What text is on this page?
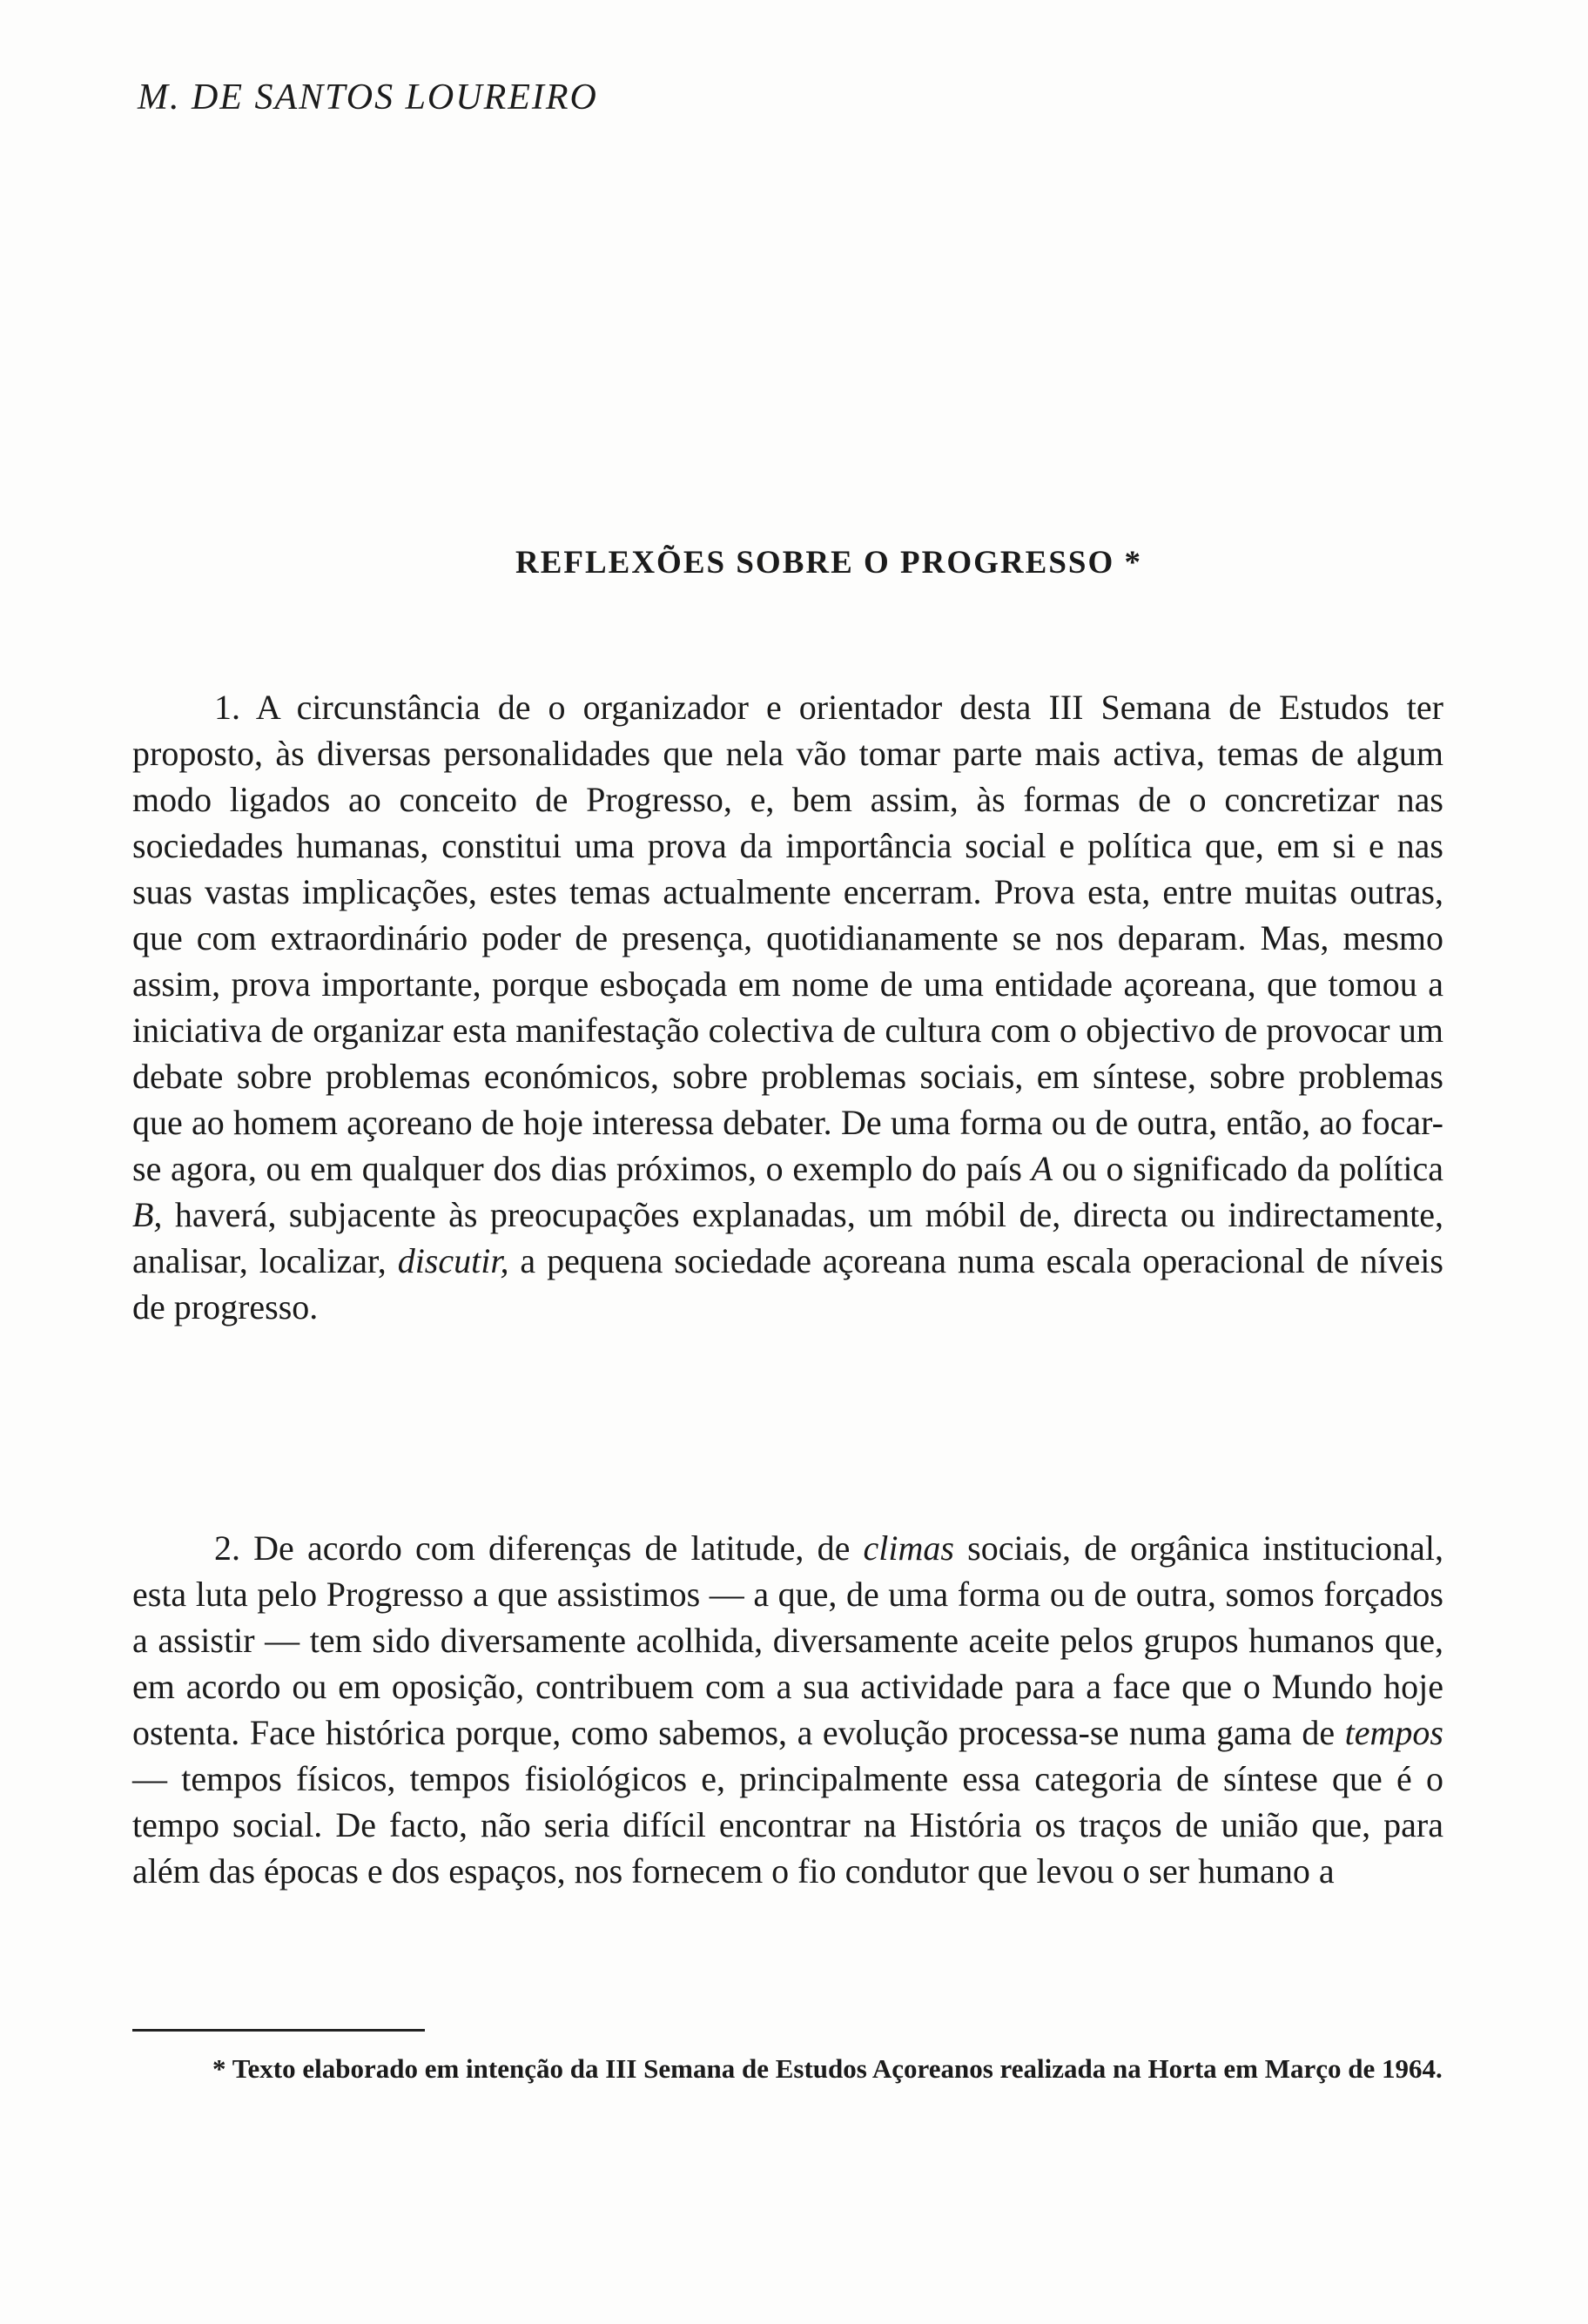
M. DE SANTOS LOUREIRO
REFLEXÕES SOBRE O PROGRESSO *

1. A circunstância de o organizador e orientador desta III Semana de Estudos ter proposto, às diversas personalidades que nela vão tomar parte mais activa, temas de algum modo ligados ao conceito de Progresso, e, bem assim, às formas de o concretizar nas sociedades humanas, constitui uma prova da importância social e política que, em si e nas suas vastas implicações, estes temas actualmente encerram. Prova esta, entre muitas outras, que com extraordinário poder de presença, quotidianamente se nos deparam. Mas, mesmo assim, prova importante, porque esboçada em nome de uma entidade açoreana, que tomou a iniciativa de organizar esta manifestação colectiva de cultura com o objectivo de provocar um debate sobre problemas económicos, sobre problemas sociais, em síntese, sobre problemas que ao homem açoreano de hoje interessa debater. De uma forma ou de outra, então, ao focar-se agora, ou em qualquer dos dias próximos, o exemplo do país A ou o significado da política B, haverá, subjacente às preocupações explanadas, um móbil de, directa ou indirectamente, analisar, localizar, discutir, a pequena sociedade açoreana numa escala operacional de níveis de progresso.

2. De acordo com diferenças de latitude, de climas sociais, de orgânica institucional, esta luta pelo Progresso a que assistimos — a que, de uma forma ou de outra, somos forçados a assistir — tem sido diversamente acolhida, diversamente aceite pelos grupos humanos que, em acordo ou em oposição, contribuem com a sua actividade para a face que o Mundo hoje ostenta. Face histórica porque, como sabemos, a evolução processa-se numa gama de tempos — tempos físicos, tempos fisiológicos e, principalmente essa categoria de síntese que é o tempo social. De facto, não seria difícil encontrar na História os traços de união que, para além das épocas e dos espaços, nos fornecem o fio condutor que levou o ser humano a

* Texto elaborado em intenção da III Semana de Estudos Açoreanos realizada na Horta em Março de 1964.
